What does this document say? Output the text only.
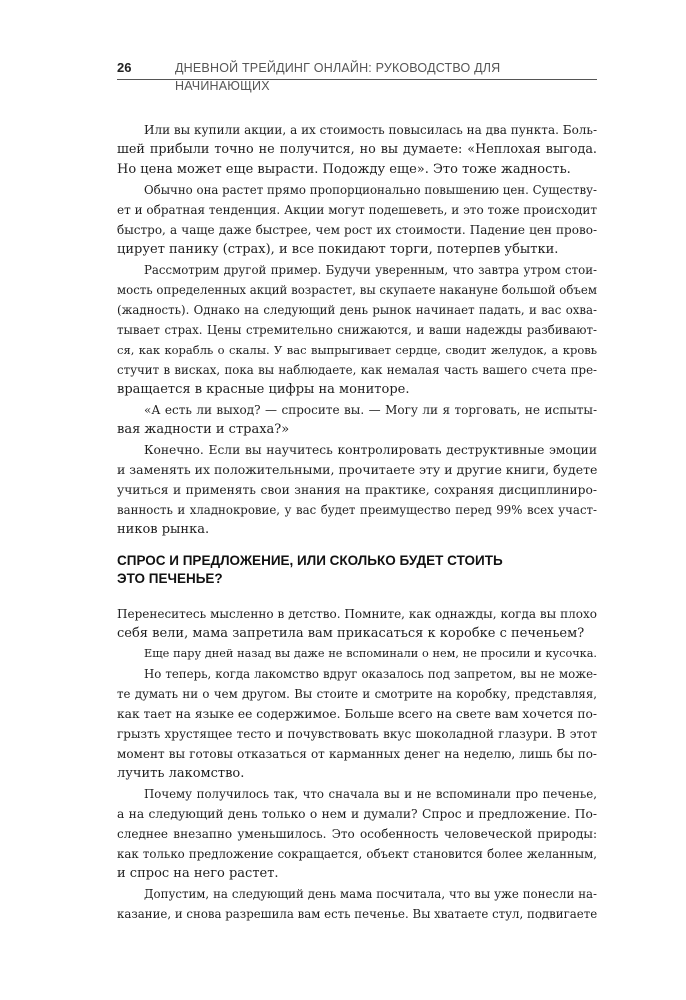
26	ДНЕВНОЙ ТРЕЙДИНГ ОНЛАЙН: РУКОВОДСТВО ДЛЯ НАЧИНАЮЩИХ
Или вы купили акции, а их стоимость повысилась на два пункта. Боль-
шей прибыли точно не получится, но вы думаете: «Неплохая выгода.
Но цена может еще вырасти. Подожду еще». Это тоже жадность.
Обычно она растет прямо пропорционально повышению цен. Существу-
ет и обратная тенденция. Акции могут подешеветь, и это тоже происходит
быстро, а чаще даже быстрее, чем рост их стоимости. Падение цен прово-
цирует панику (страх), и все покидают торги, потерпев убытки.
Рассмотрим другой пример. Будучи уверенным, что завтра утром стои-
мость определенных акций возрастет, вы скупаете накануне большой объем
(жадность). Однако на следующий день рынок начинает падать, и вас охва-
тывает страх. Цены стремительно снижаются, и ваши надежды разбивают-
ся, как корабль о скалы. У вас выпрыгивает сердце, сводит желудок, а кровь
стучит в висках, пока вы наблюдаете, как немалая часть вашего счета пре-
вращается в красные цифры на мониторе.
«А есть ли выход? — спросите вы. — Могу ли я торговать, не испыты-
вая жадности и страха?»
Конечно. Если вы научитесь контролировать деструктивные эмоции
и заменять их положительными, прочитаете эту и другие книги, будете
учиться и применять свои знания на практике, сохраняя дисциплиниро-
ванность и хладнокровие, у вас будет преимущество перед 99% всех участ-
ников рынка.
СПРОС И ПРЕДЛОЖЕНИЕ, ИЛИ СКОЛЬКО БУДЕТ СТОИТЬ
ЭТО ПЕЧЕНЬЕ?
Перенеситесь мысленно в детство. Помните, как однажды, когда вы плохо
себя вели, мама запретила вам прикасаться к коробке с печеньем?
Еще пару дней назад вы даже не вспоминали о нем, не просили и кусочка.
Но теперь, когда лакомство вдруг оказалось под запретом, вы не може-
те думать ни о чем другом. Вы стоите и смотрите на коробку, представляя,
как тает на языке ее содержимое. Больше всего на свете вам хочется по-
грызть хрустящее тесто и почувствовать вкус шоколадной глазури. В этот
момент вы готовы отказаться от карманных денег на неделю, лишь бы по-
лучить лакомство.
Почему получилось так, что сначала вы и не вспоминали про печенье,
а на следующий день только о нем и думали? Спрос и предложение. По-
следнее внезапно уменьшилось. Это особенность человеческой природы:
как только предложение сокращается, объект становится более желанным,
и спрос на него растет.
Допустим, на следующий день мама посчитала, что вы уже понесли на-
казание, и снова разрешила вам есть печенье. Вы хватаете стул, подвигаете
